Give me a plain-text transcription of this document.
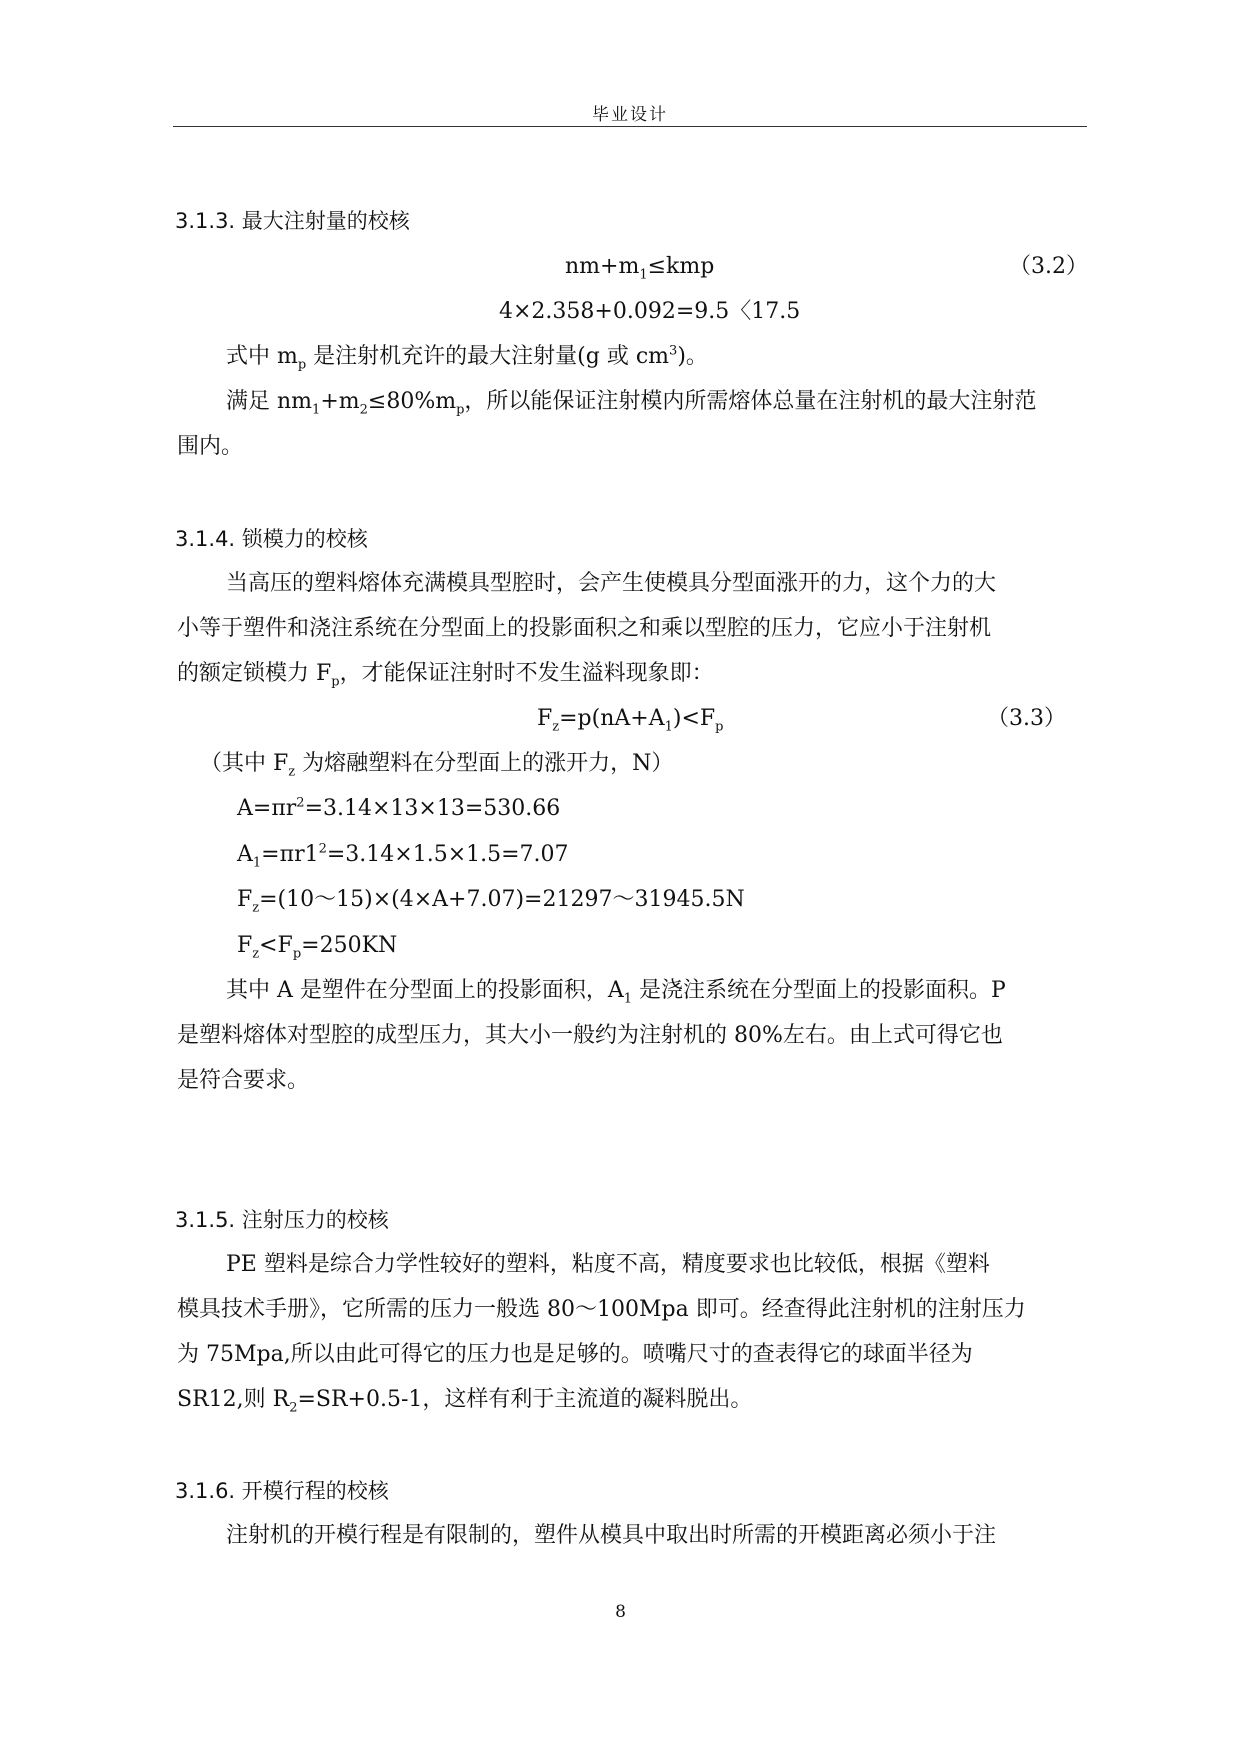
毕业设计
3.1.3. 最大注射量的校核
$nm+m_1\le kmp$	（3.2）
4×2.358+0.092=9.5〈17.5
式中 $m_p$ 是注射机充许的最大注射量(g 或 $cm^3$)。
满足 $nm_1+m_2\le 80\%m_p$，所以能保证注射模内所需熔体总量在注射机的最大注射范
围内。
3.1.4. 锁模力的校核
当高压的塑料熔体充满模具型腔时，会产生使模具分型面涨开的力，这个力的大
小等于塑件和浇注系统在分型面上的投影面积之和乘以型腔的压力，它应小于注射机
的额定锁模力 $F_p$，才能保证注射时不发生溢料现象即：
$F_z=p(nA+A_1)<F_p$	（3.3）
（其中 $F_z$ 为熔融塑料在分型面上的涨开力，N）
$A=\pi r^2=3.14\times 13\times 13=530.66$
$A_1=\pi r1^2=3.14\times 1.5\times 1.5=7.07$
$F_z=(10\sim 15)\times(4\times A+7.07)=21297\sim 31945.5N$
$F_z<F_p=250KN$
其中 A 是塑件在分型面上的投影面积，$A_1$ 是浇注系统在分型面上的投影面积。P
是塑料熔体对型腔的成型压力，其大小一般约为注射机的 80%左右。由上式可得它也
是符合要求。
3.1.5. 注射压力的校核
PE 塑料是综合力学性较好的塑料，粘度不高，精度要求也比较低，根据《塑料
模具技术手册》，它所需的压力一般选 80～100Mpa 即可。经查得此注射机的注射压力
为 75Mpa,所以由此可得它的压力也是足够的。喷嘴尺寸的查表得它的球面半径为
SR12,则 $R_2=SR+0.5-1$，这样有利于主流道的凝料脱出。
3.1.6. 开模行程的校核
注射机的开模行程是有限制的，塑件从模具中取出时所需的开模距离必须小于注
8
